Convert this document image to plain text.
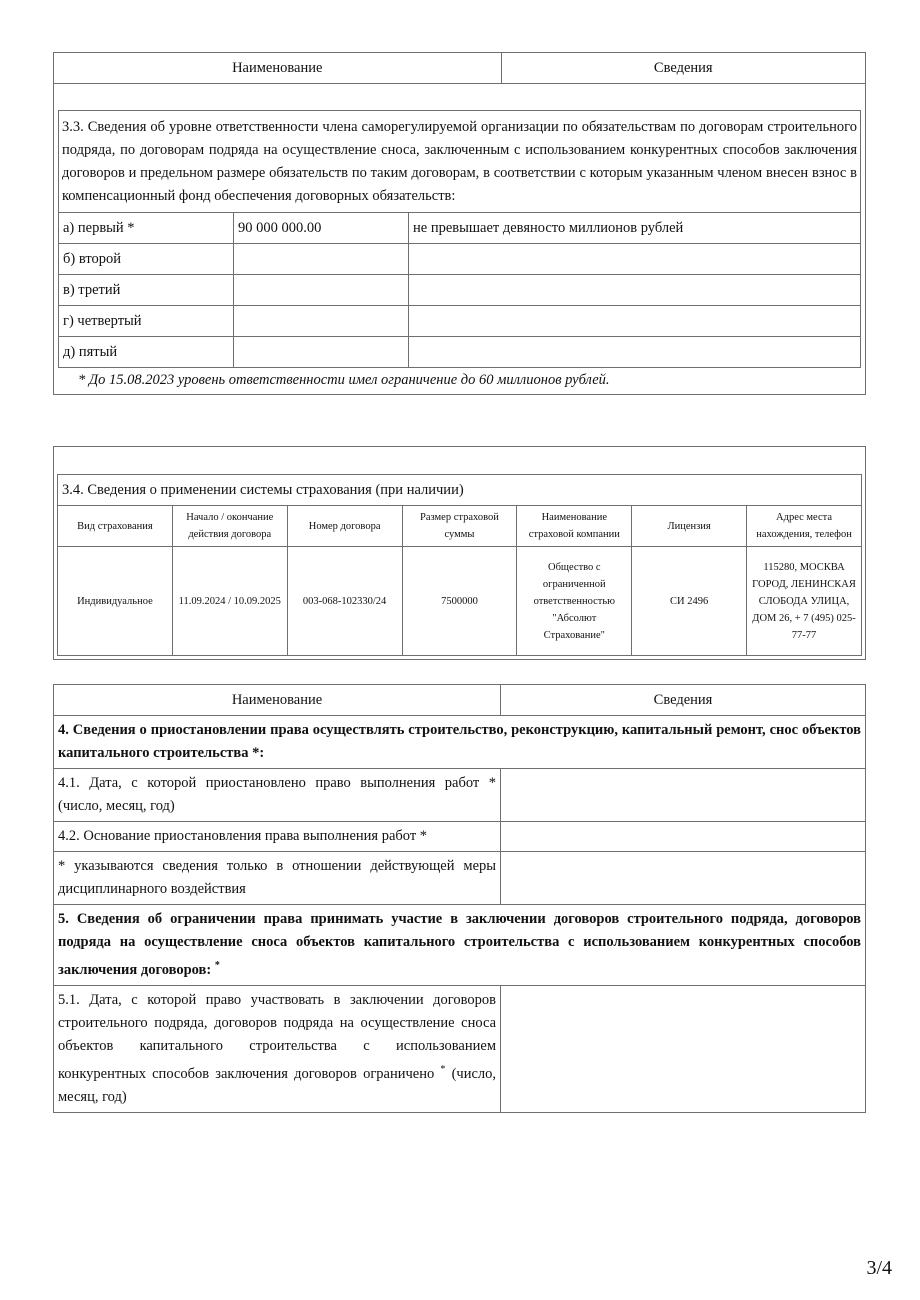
Наименование	Сведения
3.3. Сведения об уровне ответственности члена саморегулируемой организации по обязательствам по договорам строительного подряда, по договорам подряда на осуществление сноса, заключенным с использованием конкурентных способов заключения договоров и предельном размере обязательств по таким договорам, в соответствии с которым указанным членом внесен взнос в компенсационный фонд обеспечения договорных обязательств:		
а) первый *	90 000 000.00	не превышает девяносто миллионов рублей
б) второй		
в) третий		
г) четвертый		
д) пятый		
* До 15.08.2023 уровень ответственности имел ограничение до 60 миллионов рублей.
3.4. Сведения о применении системы страхования (при наличии)						
Вид страхования	Начало / окончание действия договора	Номер договора	Размер страховой суммы	Наименование страховой компании	Лицензия	Адрес места нахождения, телефон
Индивидуальное	11.09.2024 / 10.09.2025	003-068-102330/24	7500000	Общество с ограниченной ответственностью "Абсолют Страхование"	СИ 2496	115280, МОСКВА ГОРОД, ЛЕНИНСКАЯ СЛОБОДА УЛИЦА, ДОМ 26, + 7 (495) 025-77-77
Наименование	Сведения
4. Сведения о приостановлении права осуществлять строительство, реконструкцию, капитальный ремонт, снос объектов капитального строительства *:	
4.1. Дата, с которой приостановлено право выполнения работ * (число, месяц, год)	
4.2. Основание приостановления права выполнения работ *	
* указываются сведения только в отношении действующей меры дисциплинарного воздействия	
5. Сведения об ограничении права принимать участие в заключении договоров строительного подряда, договоров подряда на осуществление сноса объектов капитального строительства с использованием конкурентных способов заключения договоров: *
5.1. Дата, с которой право участвовать в заключении договоров строительного подряда, договоров подряда на осуществление сноса объектов капитального строительства с использованием конкурентных способов заключения договоров ограничено * (число, месяц, год)	
3/4
